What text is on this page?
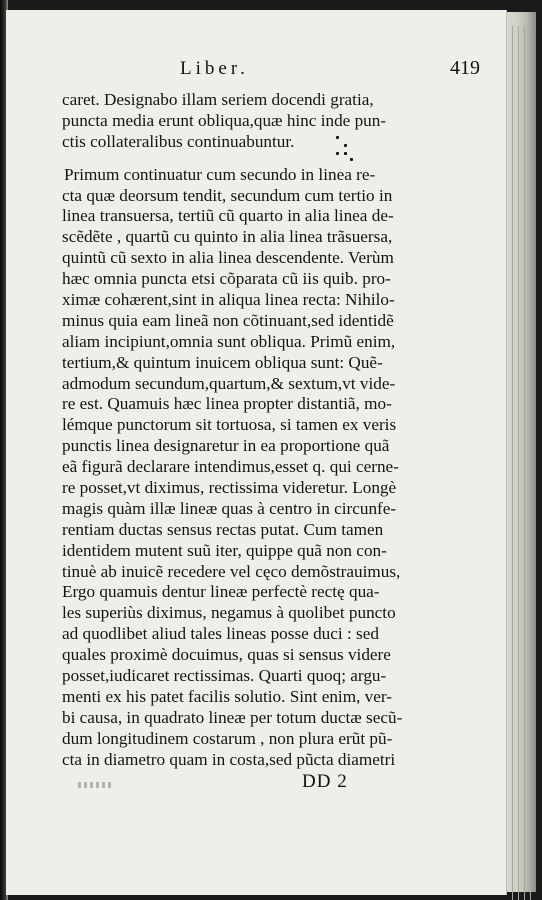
Liber.	419
caret. Designabo illam seriem docendi gratia,
puncta media erunt obliqua,quæ hinc inde pun-
ctis collateralibus continuabuntur.
Primum continuatur cum secundo in linea re-
cta quæ deorsum tendit, secundum cum tertio in
linea transuersa, tertiũ cũ quarto in alia linea de-
scẽdẽte , quartũ cu quinto in alia linea trãsuersa,
quintũ cũ sexto in alia linea descendente. Verùm
hæc omnia puncta etsi cõparata cũ iis quib. pro-
ximæ cohærent,sint in aliqua linea recta: Nihilo-
minus quia eam lineã non cõtinuant,sed identidẽ
aliam incipiunt,omnia sunt obliqua. Primũ enim,
tertium,& quintum inuicem obliqua sunt: Quẽ-
admodum secundum,quartum,& sextum,vt vide-
re est. Quamuis hæc linea propter distantiã, mo-
lémque punctorum sit tortuosa, si tamen ex veris
punctis linea designaretur in ea proportione quã
eã figurã declarare intendimus,esset q. qui cerne-
re posset,vt diximus, rectissima videretur. Longè
magis quàm illæ lineæ quas à centro in circunfe-
rentiam ductas sensus rectas putat. Cum tamen
identidem mutent suũ iter, quippe quã non con-
tinuè ab inuicẽ recedere vel cęco demõstrauimus,
Ergo quamuis dentur lineæ perfectè rectę qua-
les superiùs diximus, negamus à quolibet puncto
ad quodlibet aliud tales lineas posse duci : sed
quales proximè docuimus, quas si sensus videre
posset,iudicaret rectissimas. Quarti quoq; argu-
menti ex his patet facilis solutio. Sint enim, ver-
bi causa, in quadrato lineæ per totum ductæ secũ-
dum longitudinem costarum , non plura erũt pũ-
cta in diametro quam in costa,sed pũcta diametri
DD 2
